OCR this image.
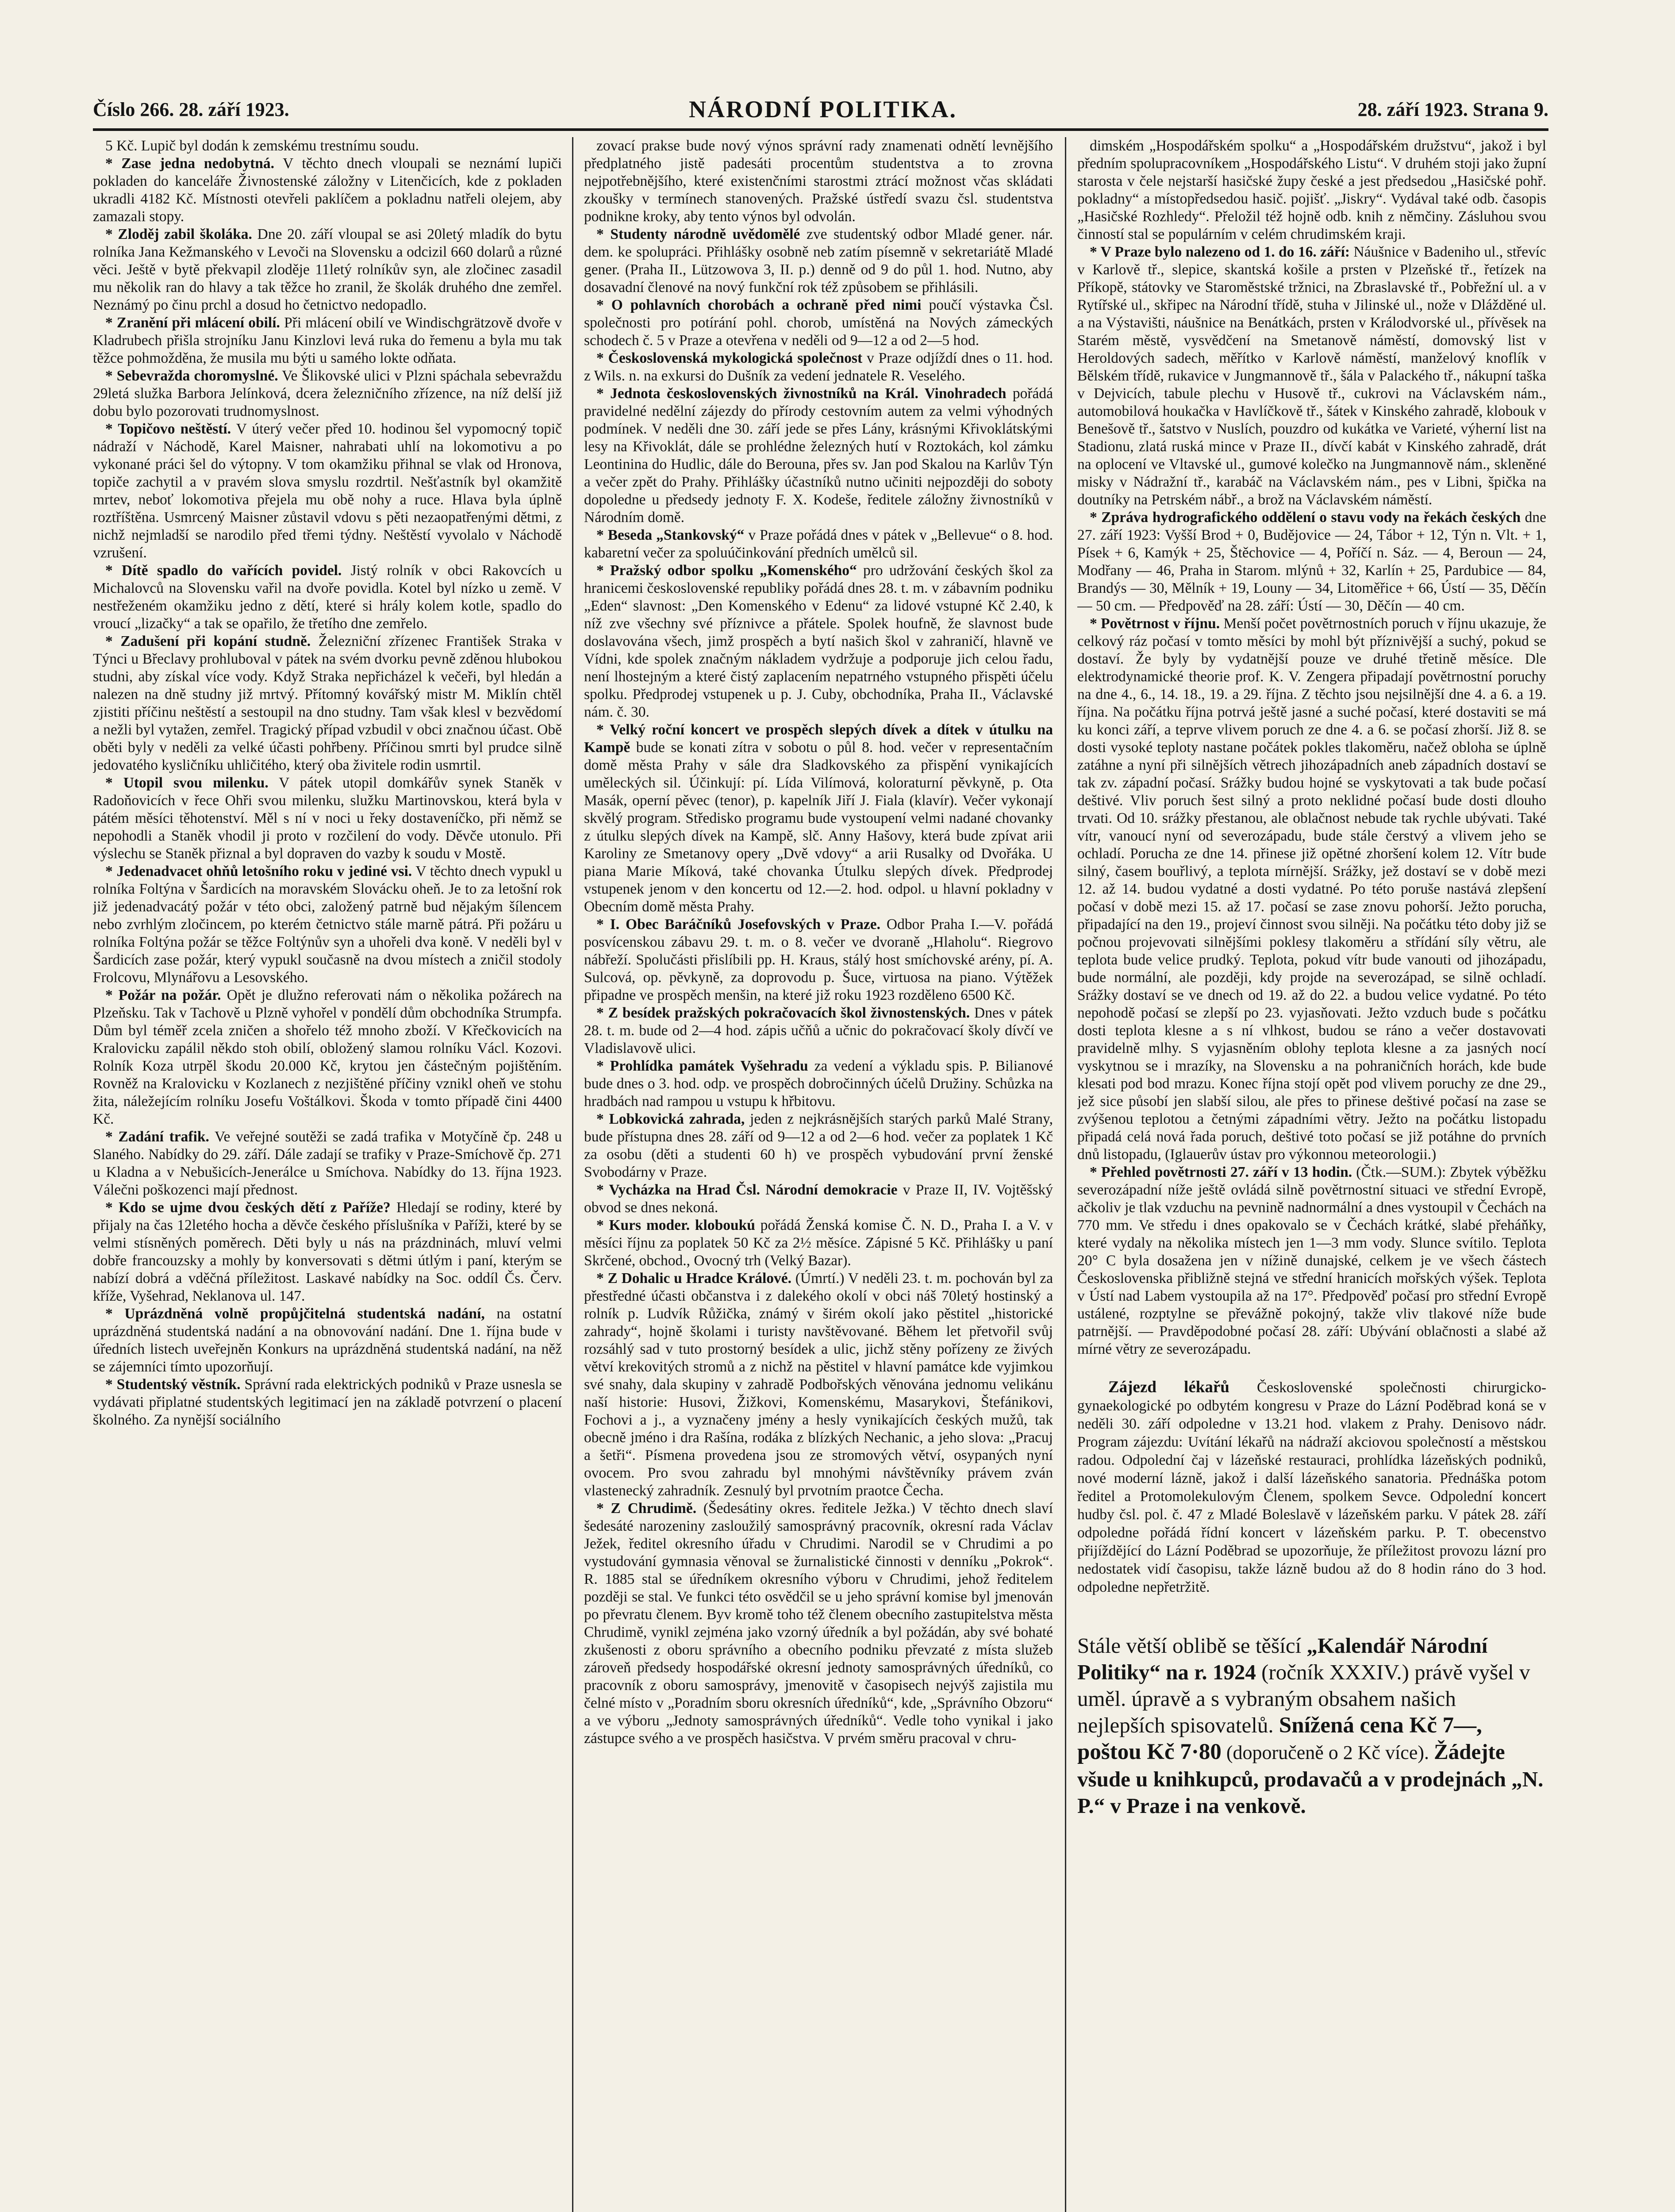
Číslo 266. 28. září 1923.	NÁRODNÍ POLITIKA.	28. září 1923. Strana 9.

5 Kč. Lupič byl dodán k zemskému trestnímu soudu.

* Zase jedna nedobytná. V těchto dnech vloupali se neznámí lupiči pokladen do kanceláře Živnostenské záložny v Litenčicích, kde z pokladen ukradli 4182 Kč. Místnosti otevřeli paklíčem a pokladnu natřeli olejem, aby zamazali stopy.

* Zloděj zabil školáka. Dne 20. září vloupal se asi 20letý mladík do bytu rolníka Jana Kežmanského v Levoči na Slovensku a odcizil 660 dolarů a různé věci. Ještě v bytě překvapil zloděje 11letý rolníkův syn, ale zločinec zasadil mu několik ran do hlavy a tak těžce ho zranil, že školák druhého dne zemřel. Neznámý po činu prchl a dosud ho četnictvo nedopadlo.

* Zranění při mlácení obilí. Při mlácení obilí ve Windischgrätzově dvoře v Kladrubech přišla strojníku Janu Kinzlovi levá ruka do řemenu a byla mu tak těžce pohmožděna, že musila mu býti u samého lokte odňata.

* Sebevražda choromyslné. Ve Šlikovské ulici v Plzni spáchala sebevraždu 29letá služka Barbora Jelínková, dcera železničního zřízence, na níž delší již dobu bylo pozorovati trudnomyslnost.

* Topičovo neštěstí. V úterý večer před 10. hodinou šel vypomocný topič nádraží v Náchodě, Karel Maisner, nahrabati uhlí na lokomotivu a po vykonané práci šel do výtopny. V tom okamžiku přihnal se vlak od Hronova, topiče zachytil a v pravém slova smyslu rozdrtil. Nešťastník byl okamžitě mrtev, neboť lokomotiva přejela mu obě nohy a ruce. Hlava byla úplně roztříštěna. Usmrcený Maisner zůstavil vdovu s pěti nezaopatřenými dětmi, z nichž nejmladší se narodilo před třemi týdny. Neštěstí vyvolalo v Náchodě vzrušení.

* Dítě spadlo do vařících povidel. Jistý rolník v obci Rakovcích u Michalovců na Slovensku vařil na dvoře povidla. Kotel byl nízko u země. V nestřeženém okamžiku jedno z dětí, které si hrály kolem kotle, spadlo do vroucí „lizačky“ a tak se opařilo, že třetího dne zemřelo.

* Zadušení při kopání studně. Železniční zřízenec František Straka v Týnci u Břeclavy prohluboval v pátek na svém dvorku pevně zděnou hlubokou studni, aby získal více vody. Když Straka nepřicházel k večeři, byl hledán a nalezen na dně studny již mrtvý. Přítomný kovářský mistr M. Miklín chtěl zjistiti příčinu neštěstí a sestoupil na dno studny. Tam však klesl v bezvědomí a nežli byl vytažen, zemřel. Tragický případ vzbudil v obci značnou účast. Obě oběti byly v neděli za velké účasti pohřbeny. Příčinou smrti byl prudce silně jedovatého kysličníku uhličitého, který oba živitele rodin usmrtil.

* Utopil svou milenku. V pátek utopil domkářův synek Staněk v Radoňovicích v řece Ohři svou milenku, služku Martinovskou, která byla v pátém měsíci těhotenství. Měl s ní v noci u řeky dostaveníčko, při němž se nepohodli a Staněk vhodil ji proto v rozčilení do vody. Děvče utonulo. Při výslechu se Staněk přiznal a byl dopraven do vazby k soudu v Mostě.

* Jedenadvacet ohňů letošního roku v jediné vsi. V těchto dnech vypukl u rolníka Foltýna v Šardicích na moravském Slovácku oheň. Je to za letošní rok již jedenadvacátý požár v této obci, založený patrně bud nějakým šílencem nebo zvrhlým zločincem, po kterém četnictvo stále marně pátrá. Při požáru u rolníka Foltýna požár se těžce Foltýnův syn a uhořeli dva koně. V neděli byl v Šardicích zase požár, který vypukl současně na dvou místech a zničil stodoly Frolcovu, Mlynářovu a Lesovského.

* Požár na požár. Opět je dlužno referovati nám o několika požárech na Plzeňsku. Tak v Tachově u Plzně vyhořel v pondělí dům obchodníka Strumpfa. Dům byl téměř zcela zničen a shořelo též mnoho zboží. V Křečkovicích na Kralovicku zapálil někdo stoh obilí, obložený slamou rolníku Václ. Kozovi. Rolník Koza utrpěl škodu 20.000 Kč, krytou jen částečným pojištěním. Rovněž na Kralovicku v Kozlanech z nezjištěné příčiny vznikl oheň ve stohu žita, náležejícím rolníku Josefu Voštálkovi. Škoda v tomto případě čini 4400 Kč.

* Zadání trafik. Ve veřejné soutěži se zadá trafika v Motyčíně čp. 248 u Slaného. Nabídky do 29. září. Dále zadají se trafiky v Praze-Smíchově čp. 271 u Kladna a v Nebušicích-Jenerálce u Smíchova. Nabídky do 13. října 1923. Válečni poškozenci mají přednost.

* Kdo se ujme dvou českých dětí z Paříže? Hledají se rodiny, které by přijaly na čas 12letého hocha a děvče českého příslušníka v Paříži, které by se velmi stísněných poměrech. Děti byly u nás na prázdninách, mluví velmi dobře francouzsky a mohly by konversovati s dětmi útlým i paní, kterým se nabízí dobrá a vděčná příležitost. Laskavé nabídky na Soc. oddíl Čs. Červ. kříže, Vyšehrad, Neklanova ul. 147.

* Uprázdněná volně propůjčitelná studentská nadání, na ostatní uprázdněná studentská nadání a na obnovování nadání. Dne 1. října bude v úředních listech uveřejněn Konkurs na uprázdněná studentská nadání, na něž se zájemníci tímto upozorňují.

* Studentský věstník. Správní rada elektrických podniků v Praze usnesla se vydávati připlatné studentských legitimací jen na základě potvrzení o placení školného. Za nynější sociálního

zovací praksе bude nový výnos správní rady znamenati odnětí levnějšího předplatného jistě padesáti procentům studentstva a to zrovna nejpotřebnějšího, které existenčními starostmi ztrácí možnost včas skládati zkoušky v termínech stanovených. Pražské ústředí svazu čsl. studentstva podniknе kroky, aby tento výnos byl odvolán.

* Studenty národně uvědomělé zve studentský odbor Mladé gener. nár. dem. ke spolupráci. Přihlášky osobně neb zatím písemně v sekretariátě Mladé gener. (Praha II., Lützowova 3, II. p.) denně od 9 do půl 1. hod. Nutno, aby dosavadní členové na nový funkční rok též způsobem se přihlásili.

* O pohlavních chorobách a ochraně před nimi poučí výstavka Čsl. společnosti pro potírání pohl. chorob, umístěná na Nových zámeckých schodech č. 5 v Praze a otevřena v neděli od 9—12 a od 2—5 hod.

* Československá mykologická společnost v Praze odjíždí dnes o 11. hod. z Wils. n. na exkursi do Dušník za vedení jednatele R. Veselého.

* Jednota československých živnostníků na Král. Vinohradech pořádá pravidelné nedělní zájezdy do přírody cestovním autem za velmi výhodných podmínek. V neděli dne 30. září jede se přes Lány, krásnými Křivoklátskými lesy na Křivoklát, dále se prohlédne železných hutí v Roztokách, kol zámku Leontinina do Hudlic, dále do Berouna, přes sv. Jan pod Skalou na Karlův Týn a večer zpět do Prahy. Přihlášky účastníků nutno učiniti nejpozději do soboty dopoledne u předsedy jednoty F. X. Kodeše, ředitele záložny živnostníků v Národním domě.

* Beseda „Stankovský“ v Praze pořádá dnes v pátek v „Bellevue“ o 8. hod. kabaretní večer za spoluúčinkování předních umělců sil.

* Pražský odbor spolku „Komenského“ pro udržování českých škol za hranicemi československé republiky pořádá dnes 28. t. m. v zábavním podniku „Eden“ slavnost: „Den Komenského v Edenu“ za lidové vstupné Kč 2.40, k níž zve všechny své příznivce a přátele. Spolek houfně, že slavnost bude doslavována všech, jimž prospěch a bytí našich škol v zahraničí, hlavně ve Vídni, kde spolek značným nákladem vydržuje a podporuje jich celou řadu, není lhostejným a které čistý zaplacením nepatrného vstupného přispěti účelu spolku. Předprodej vstupenek u p. J. Cuby, obchodníka, Praha II., Václavské nám. č. 30.

* Velký roční koncert ve prospěch slepých dívek a dítek v útulku na Kampě bude se konati zítra v sobotu o půl 8. hod. večer v representačním domě města Prahy v sále dra Sladkovského za přispění vynikajících uměleckých sil. Účinkují: pí. Lída Vilímová, koloraturní pěvkyně, p. Ota Masák, operní pěvec (tenor), p. kapelník Jiří J. Fiala (klavír). Večer vykonají skvělý program. Středisko programu bude vystoupení velmi nadané chovanky z útulku slepých dívek na Kampě, slč. Anny Hašovy, která bude zpívat arii Karoliny ze Smetanovy opery „Dvě vdovy“ a arii Rusalky od Dvořáka. U piana Marie Míková, také chovanka Útulku slepých dívek. Předprodej vstupenek jenom v den koncertu od 12.—2. hod. odpol. u hlavní pokladny v Obecním domě města Prahy.

* I. Obec Baráčníků Josefovských v Praze. Odbor Praha I.—V. pořádá posvícenskou zábavu 29. t. m. o 8. večer ve dvoraně „Hlaholu“. Riegrovo nábřeží. Spolučásti přislíbili pp. H. Kraus, stálý host smíchovské arény, pí. A. Sulcová, op. pěvkyně, za doprovodu p. Šuce, virtuosa na piano. Výtěžek připadne ve prospěch menšin, na které již roku 1923 rozděleno 6500 Kč.

* Z besídek pražských pokračovacích škol živnostenských. Dnes v pátek 28. t. m. bude od 2—4 hod. zápis učňů a učnic do pokračovací školy dívčí ve Vladislavově ulici.

* Prohlídka památek Vyšehradu za vedení a výkladu spis. P. Bilianové bude dnes o 3. hod. odp. ve prospěch dobročinných účelů Družiny. Schůzka na hradbách nad rampou u vstupu k hřbitovu.

* Lobkovická zahrada, jeden z nejkrásnějších starých parků Malé Strany, bude přístupna dnes 28. září od 9—12 a od 2—6 hod. večer za poplatek 1 Kč za osobu (děti a studenti 60 h) ve prospěch vybudování první ženské Svobodárny v Praze.

* Vycházka na Hrad Čsl. Národní demokracie v Praze II, IV. Vojtěšský obvod se dnes nekoná.

* Kurs moder. kloboukú pořádá Ženská komise Č. N. D., Praha I. a V. v měsíci říjnu za poplatek 50 Kč za 2½ měsíce. Zápisné 5 Kč. Přihlášky u paní Skrčené, obchod., Ovocný trh (Velký Bazar).

* Z Dohalic u Hradce Králové. (Úmrtí.) V neděli 23. t. m. pochován byl za přestředné účasti občanstva i z dalekého okolí v obci náš 70letý hostinský a rolník p. Ludvík Růžička, známý v širém okolí jako pěstitel „historické zahrady“, hojně školami i turisty navštěvované. Během let přetvořil svůj rozsáhlý sad v tuto prostorný besídek a ulic, jichž stěny pořízeny ze živých větví krekovitých stromů a z nichž na pěstitel v hlavní památce kde vyjimkou své snahy, dala skupiny v zahradě Podbořských věnována jednomu velikánu naší historie: Husovi, Žižkovi, Komenskému, Masarykovi, Štefánikovi, Fochovi a j., a vyznačeny jmény a hesly vynikajících českých mužů, tak obecně jméno i dra Rašína, rodáka z blízkých Nechanic, a jeho slova: „Pracuj a šetři“. Písmena provedena jsou ze stromových větví, osypaných nyní ovocem. Pro svou zahradu byl mnohými návštěvníky právem zván vlastenecký zahradník. Zesnulý byl prvotním praotce Čecha.

* Z Chrudimě. (Šedesátiny okres. ředitele Ježka.) V těchto dnech slaví šedesáté narozeniny zasloužilý samosprávný pracovník, okresní rada Václav Ježek, ředitel okresního úřadu v Chrudimi. Narodil se v Chrudimi a po vystudování gymnasia věnoval se žurnalistické činnosti v denníku „Pokrok“. R. 1885 stal se úředníkem okresního výboru v Chrudimi, jehož ředitelem později se stal. Ve funkci této osvědčil se u jeho správní komise byl jmenován po převratu členem. Byv kromě toho též členem obecního zastupitelstva města Chrudimě, vynikl zejména jako vzorný úředník a byl požádán, aby své bohaté zkušenosti z oboru správního a obecního podniku převzaté z místa služeb zároveň předsedy hospodářské okresní jednoty samosprávných úředníků, co pracovník z oboru samosprávy, jmenovitě v časopisech nejvýš zajistila mu čelné místo v „Poradním sboru okresních úředníků“, kde, „Správního Obzoru“ a ve výboru „Jednoty samosprávných úředníků“. Vedle toho vynikal i jako zástupce svého a ve prospěch hasičstva. V prvém směru pracoval v chru-

dimském „Hospodářském spolku“ a „Hospodářském družstvu“, jakož i byl předním spolupracovníkem „Hospodářského Listu“. V druhém stoji jako župní starosta v čele nejstarší hasičské župy české a jest předsedou „Hasičské pohř. pokladny“ a místopředsedou hasič. pojišť. „Jiskry“. Vydával také odb. časopis „Hasičské Rozhledy“. Přeložil též hojně odb. knih z němčiny. Zásluhou svou činností stal se populárním v celém chrudimském kraji.

* V Praze bylo nalezeno od 1. do 16. září: Náušnice v Badeniho ul., střevíc v Karlově tř., slepice, skantská košile a prsten v Plzeňské tř., řetízek na Příkopě, státovky ve Staroměstské tržnici, na Zbraslavské tř., Pobřežní ul. a v Rytířské ul., skřipec na Národní třídě, stuha v Jilinské ul., nože v Dlážděné ul. a na Výstavišti, náušnice na Benátkách, prsten v Králodvorské ul., přívěsek na Starém městě, vysvědčení na Smetanově náměstí, domovský list v Heroldových sadech, měřítko v Karlově náměstí, manželový knoflík v Bělském třídě, rukavice v Jungmannově tř., šála v Palackého tř., nákupní taška v Dejvicích, tabule plechu v Husově tř., cukrovi na Václavském nám., automobilová houkačka v Havlíčkově tř., šátek v Kinského zahradě, klobouk v Benešově tř., šatstvo v Nuslích, pouzdro od kukátka ve Varieté, výherní list na Stadionu, zlatá ruská mince v Praze II., dívčí kabát v Kinského zahradě, drát na oplocení ve Vltavské ul., gumové kolečko na Jungmannově nám., skleněné misky v Nádražní tř., karabáč na Václavském nám., pes v Libni, špička na doutníky na Petrském nábř., a brož na Václavském náměstí.

* Zpráva hydrografického oddělení o stavu vody na řekách českých dne 27. září 1923: Vyšší Brod + 0, Budějovice — 24, Tábor + 12, Týn n. Vlt. + 1, Písek + 6, Kamýk + 25, Štěchovice — 4, Poříčí n. Sáz. — 4, Beroun — 24, Modřany — 46, Praha in Starom. mlýnů + 32, Karlín + 25, Pardubice — 84, Brandýs — 30, Mělník + 19, Louny — 34, Litoměřice + 66, Ústí — 35, Děčín — 50 cm. — Předpověď na 28. září: Ústí — 30, Děčín — 40 cm.

* Povětrnost v říjnu. Menší počet povětrnostních poruch v říjnu ukazuje, že celkový ráz počasí v tomto měsíci by mohl být příznivější a suchý, pokud se dostaví. Že byly by vydatnější pouze ve druhé třetině měsíce. Dle elektrodynamické theorie prof. K. V. Zengera připadají povětrnostní poruchy na dne 4., 6., 14. 18., 19. a 29. října. Z těchto jsou nejsilnější dne 4. a 6. a 19. října. Na počátku října potrvá ještě jasné a suché počasí, které dostaviti se má ku konci září, a teprve vlivem poruch ze dne 4. a 6. se počasí zhorší. Již 8. se dosti vysoké teploty nastane počátek pokles tlakoměru, načež obloha se úplně zatáhne a nyní při silnějších větrech jihozápadních aneb západních dostaví se tak zv. západní počasí. Srážky budou hojné se vyskytovati a tak bude počasí deštivé. Vliv poruch šest silný a proto neklidné počasí bude dosti dlouho trvati. Od 10. srážky přestanou, ale oblačnost nebude tak rychle ubývati. Také vítr, vanoucí nyní od severozápadu, bude stále čerstvý a vlivem jeho se ochladí. Porucha ze dne 14. přinese již opětné zhoršení kolem 12. Vítr bude silný, časem bouřlivý, a teplota mírnější. Srážky, jež dostaví se v době mezi 12. až 14. budou vydatné a dosti vydatné. Po této poruše nastává zlepšení počasí v době mezi 15. až 17. počasí se zase znovu pohorší. Ježto porucha, připadající na den 19., projeví činnost svou silněji. Na počátku této doby již se počnou projevovati silnějšími poklesy tlakoměru a střídání síly větru, ale teplota bude velice prudký. Teplota, pokud vítr bude vanouti od jihozápadu, bude normální, ale později, kdy projde na severozápad, se silně ochladí. Srážky dostaví se ve dnech od 19. až do 22. a budou velice vydatné. Po této nepohodě počasí se zlepší po 23. vyjasňovati. Ježto vzduch bude s počátku dosti teplota klesne a s ní vlhkost, budou se ráno a večer dostavovati pravidelně mlhy. S vyjasněním oblohy teplota klesne a za jasných nocí vyskytnou se i mrazíky, na Slovensku a na pohraničních horách, kde bude klesati pod bod mrazu. Konec října stojí opět pod vlivem poruchy ze dne 29., jež sice působí jen slabší silou, ale přes to přinese deštivé počasí na zase se zvýšenou teplotou a četnými západními větry. Ježto na počátku listopadu připadá celá nová řada poruch, deštivé toto počasí se již potáhne do prvních dnů listopadu, (Iglauerův ústav pro výkonnou meteorologii.)

* Přehled povětrnosti 27. září v 13 hodin. (Čtk.—SUM.): Zbytek výběžku severozápadní níže ještě ovládá silně povětrnostní situaci ve střední Evropě, ačkoliv je tlak vzduchu na pevnině nadnormální a dnes vystoupil v Čechách na 770 mm. Ve středu i dnes opakovalo se v Čechách krátké, slabé přeháňky, které vydaly na několika místech jen 1—3 mm vody. Slunce svítilo. Teplota 20° C byla dosažena jen v nížině dunajské, celkem je ve všech částech Československa přibližně stejná ve střední hranicích mořských výšek. Teplota v Ústí nad Labem vystoupila až na 17°. Předpověď počasí pro střední Evropě ustálené, rozptylne se převážně pokojný, takže vliv tlakové níže bude patrnější. — Pravděpodobné počasí 28. září: Ubývání oblačnosti a slabé až mírné větry ze severozápadu.

Zájezd lékařů Československé společnosti chirurgicko-gynaekologické po odbytém kongresu v Praze do Lázní Poděbrad koná se v neděli 30. září odpoledne v 13.21 hod. vlakem z Prahy. Denisovo nádr. Program zájezdu: Uvítání lékařů na nádraží akciovou společností a městskou radou. Odpolední čaj v lázeňské restauraci, prohlídka lázeňských podniků, nové moderní lázně, jakož i další lázeňského sanatoria. Přednáška potom ředitel a Protomolekulovým Členem, spolkem Sevce. Odpolední koncert hudby čsl. pol. č. 47 z Mladé Boleslavě v lázeňském parku. V pátek 28. září odpoledne pořádá řídní koncert v lázeňském parku. P. T. obecenstvo přijíždějící do Lázní Poděbrad se upozorňuje, že příležitost provozu lázní pro nedostatek vidí časopisu, takže lázně budou až do 8 hodin ráno do 3 hod. odpoledne nepřetržitě.

Stále větší oblibě se těšící „Kalendář Národní Politiky“ na r. 1924 (ročník XXXIV.) právě vyšel v uměl. úpravě a s vybraným obsahem našich nejlepších spisovatelů. Snížená cena Kč 7—, poštou Kč 7·80 (doporučeně o 2 Kč více). Žádejte všude u knihkupců, prodavačů a v prodejnách „N. P.“ v Praze i na venkově.
